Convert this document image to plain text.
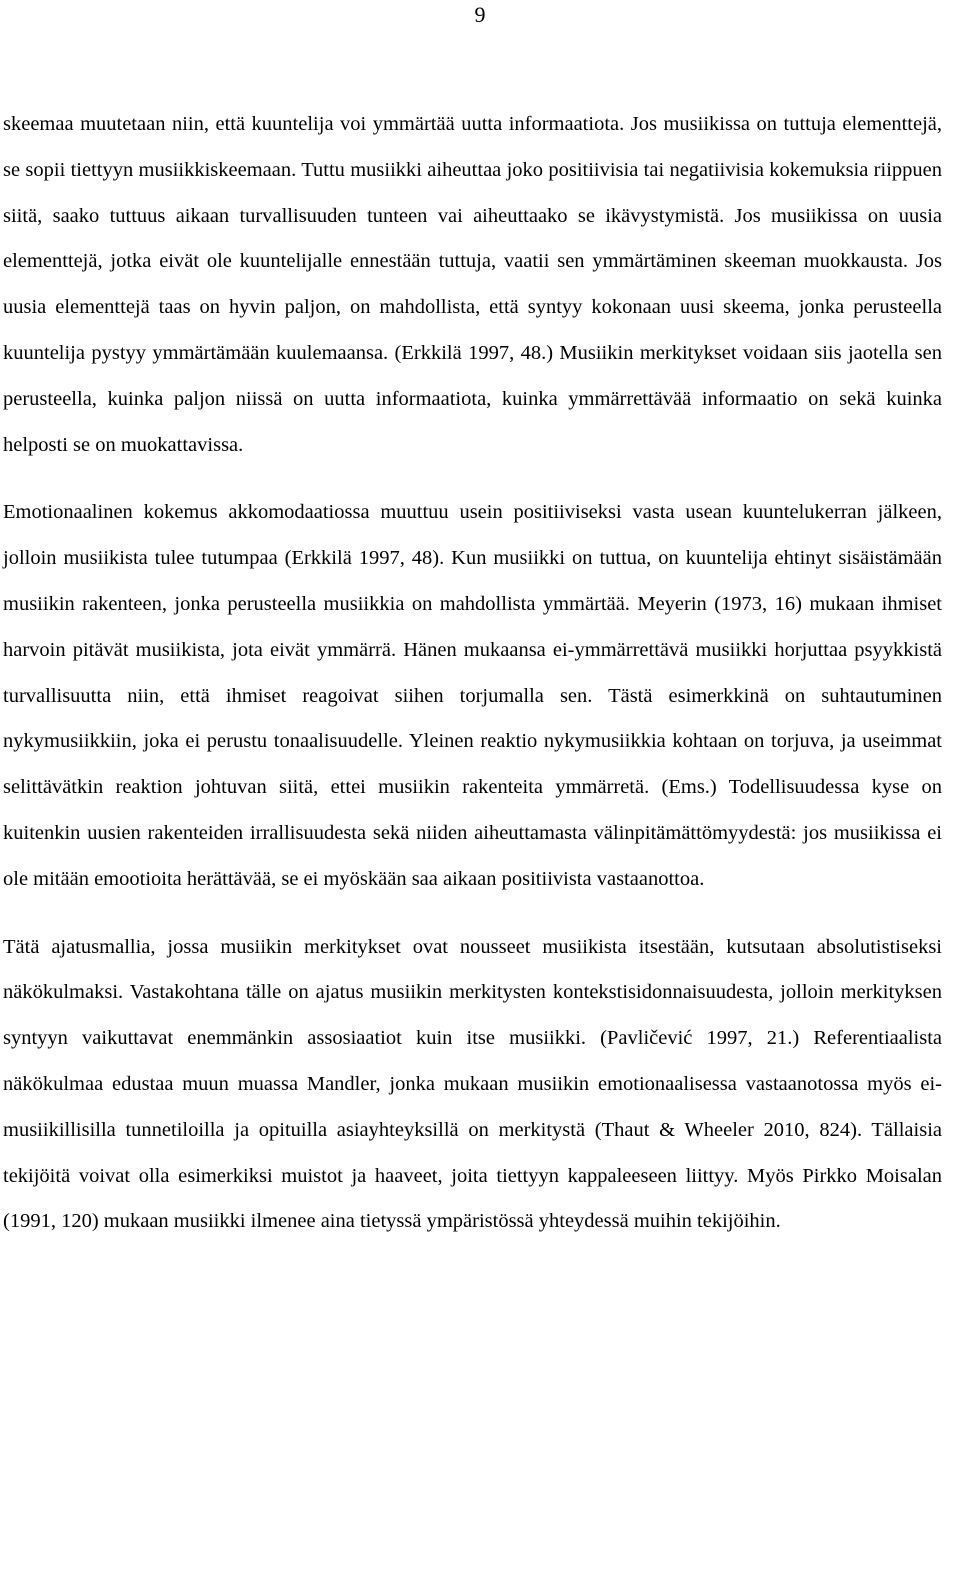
9

skeemaa muutetaan niin, että kuuntelija voi ymmärtää uutta informaatiota. Jos musiikissa on tuttuja elementtejä, se sopii tiettyyn musiikkiskeemaan. Tuttu musiikki aiheuttaa joko positiivisia tai negatiivisia kokemuksia riippuen siitä, saako tuttuus aikaan turvallisuuden tunteen vai aiheuttaako se ikävystymistä. Jos musiikissa on uusia elementtejä, jotka eivät ole kuuntelijalle ennestään tuttuja, vaatii sen ymmärtäminen skeeman muokkausta. Jos uusia elementtejä taas on hyvin paljon, on mahdollista, että syntyy kokonaan uusi skeema, jonka perusteella kuuntelija pystyy ymmärtämään kuulemaansa. (Erkkilä 1997, 48.) Musiikin merkitykset voidaan siis jaotella sen perusteella, kuinka paljon niissä on uutta informaatiota, kuinka ymmärrettävää informaatio on sekä kuinka helposti se on muokattavissa.

Emotionaalinen kokemus akkomodaatiossa muuttuu usein positiiviseksi vasta usean kuuntelukerran jälkeen, jolloin musiikista tulee tutumpaa (Erkkilä 1997, 48). Kun musiikki on tuttua, on kuuntelija ehtinyt sisäistämään musiikin rakenteen, jonka perusteella musiikkia on mahdollista ymmärtää. Meyerin (1973, 16) mukaan ihmiset harvoin pitävät musiikista, jota eivät ymmärrä. Hänen mukaansa ei-ymmärrettävä musiikki horjuttaa psyykkistä turvallisuutta niin, että ihmiset reagoivat siihen torjumalla sen. Tästä esimerkkinä on suhtautuminen nykymusiikkiin, joka ei perustu tonaalisuudelle. Yleinen reaktio nykymusiikkia kohtaan on torjuva, ja useimmat selittävätkin reaktion johtuvan siitä, ettei musiikin rakenteita ymmärretä. (Ems.) Todellisuudessa kyse on kuitenkin uusien rakenteiden irrallisuudesta sekä niiden aiheuttamasta välinpitämättömyydestä: jos musiikissa ei ole mitään emootioita herättävää, se ei myöskään saa aikaan positiivista vastaanottoa.

Tätä ajatusmallia, jossa musiikin merkitykset ovat nousseet musiikista itsestään, kutsutaan absolutistiseksi näkökulmaksi. Vastakohtana tälle on ajatus musiikin merkitysten kontekstisidonnaisuudesta, jolloin merkityksen syntyyn vaikuttavat enemmänkin assosiaatiot kuin itse musiikki. (Pavličević 1997, 21.) Referentiaalista näkökulmaa edustaa muun muassa Mandler, jonka mukaan musiikin emotionaalisessa vastaanotossa myös ei-musiikillisilla tunnetiloilla ja opituilla asiayhteyksillä on merkitystä (Thaut & Wheeler 2010, 824). Tällaisia tekijöitä voivat olla esimerkiksi muistot ja haaveet, joita tiettyyn kappaleeseen liittyy. Myös Pirkko Moisalan (1991, 120) mukaan musiikki ilmenee aina tietyssä ympäristössä yhteydessä muihin tekijöihin.
